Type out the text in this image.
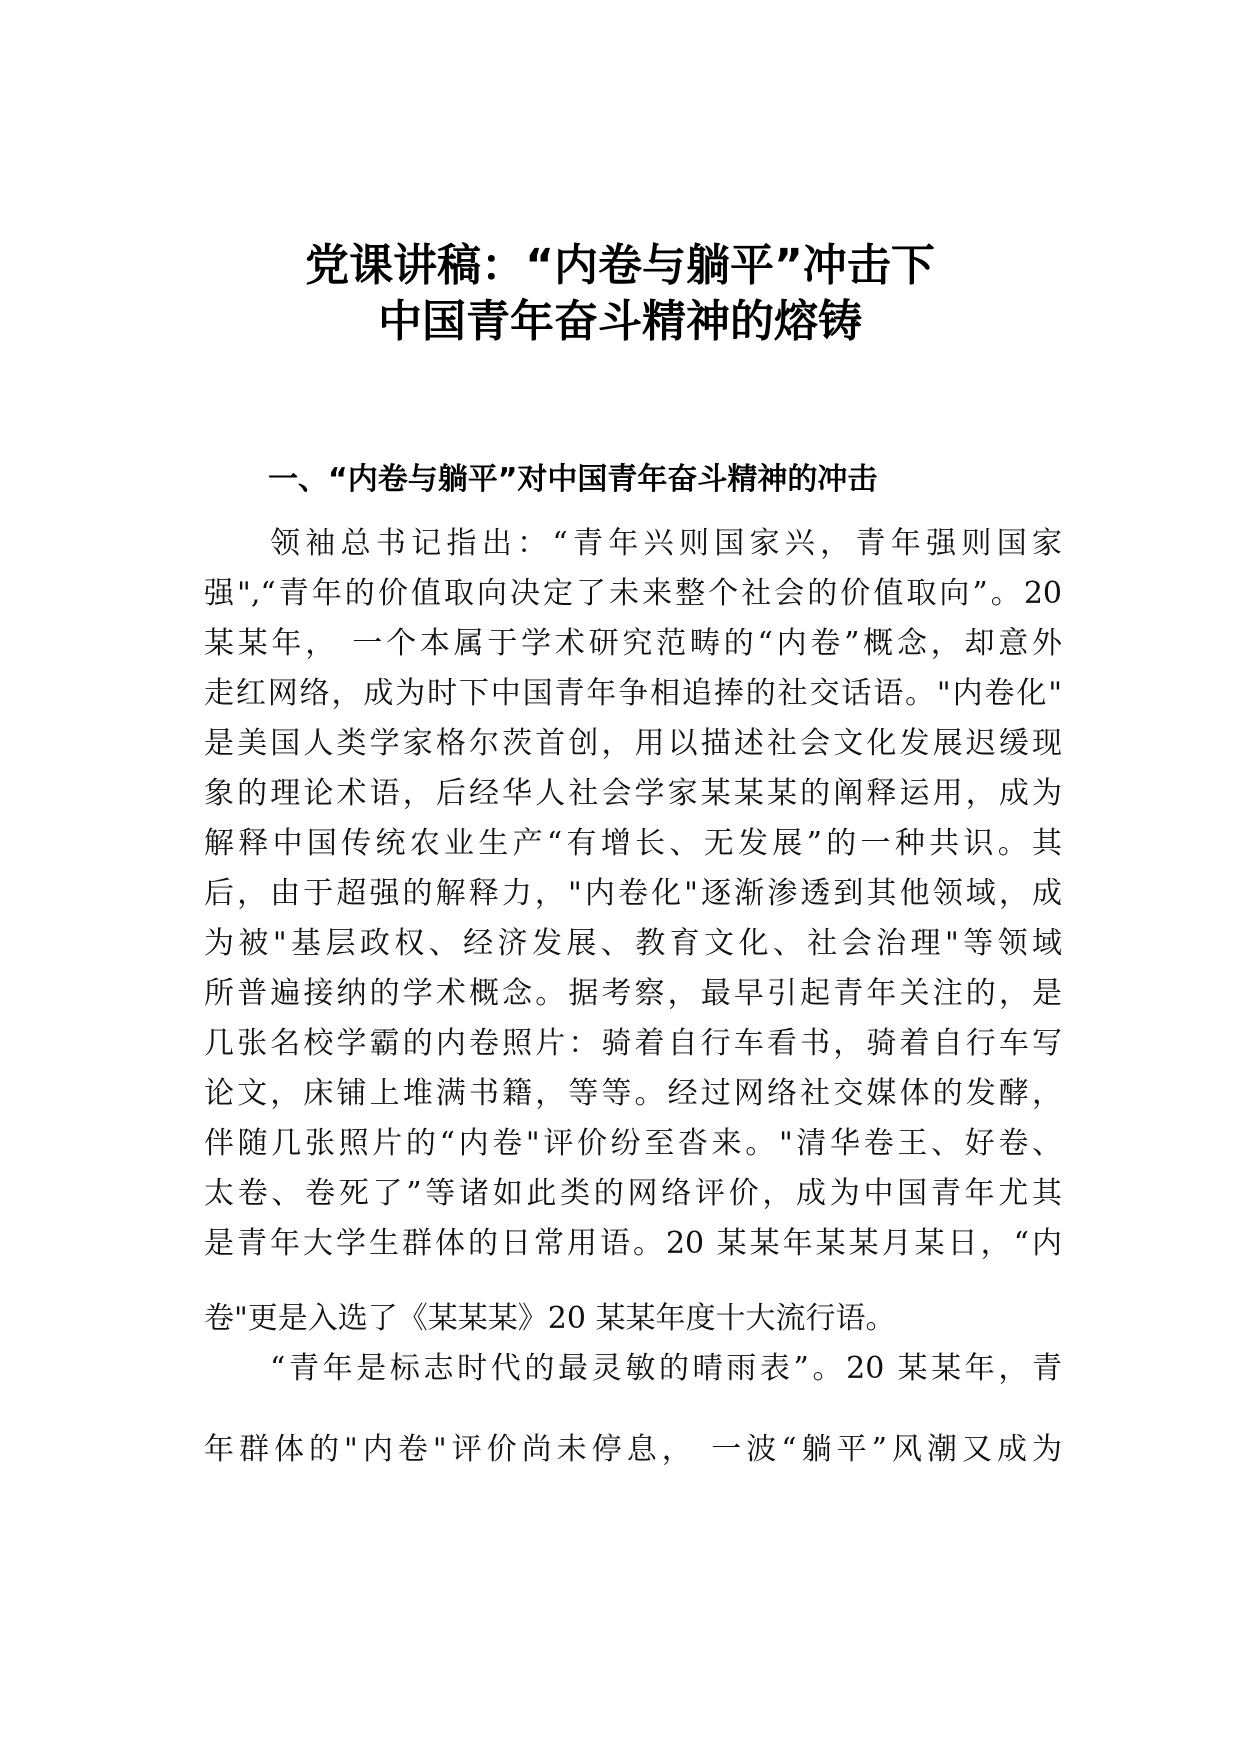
党课讲稿：“内卷与躺平”冲击下
中国青年奋斗精神的熔铸
一、“内卷与躺平”对中国青年奋斗精神的冲击
领袖总书记指出：“青年兴则国家兴，青年强则国家
强",“青年的价值取向决定了未来整个社会的价值取向”。20
某某年， 一个本属于学术研究范畴的“内卷”概念，却意外
走红网络，成为时下中国青年争相追捧的社交话语。"内卷化"
是美国人类学家格尔茨首创，用以描述社会文化发展迟缓现
象的理论术语，后经华人社会学家某某某的阐释运用，成为
解释中国传统农业生产“有增长、无发展”的一种共识。其
后，由于超强的解释力，"内卷化"逐渐渗透到其他领域，成
为被"基层政权、经济发展、教育文化、社会治理"等领域
所普遍接纳的学术概念。据考察，最早引起青年关注的，是
几张名校学霸的内卷照片：骑着自行车看书，骑着自行车写
论文，床铺上堆满书籍，等等。经过网络社交媒体的发酵，
伴随几张照片的“内卷"评价纷至沓来。"清华卷王、好卷、
太卷、卷死了”等诸如此类的网络评价，成为中国青年尤其
是青年大学生群体的日常用语。20 某某年某某月某日，“内
卷"更是入选了《某某某》20 某某年度十大流行语。
“青年是标志时代的最灵敏的晴雨表”。20 某某年，青
年群体的"内卷"评价尚未停息， 一波“躺平”风潮又成为
